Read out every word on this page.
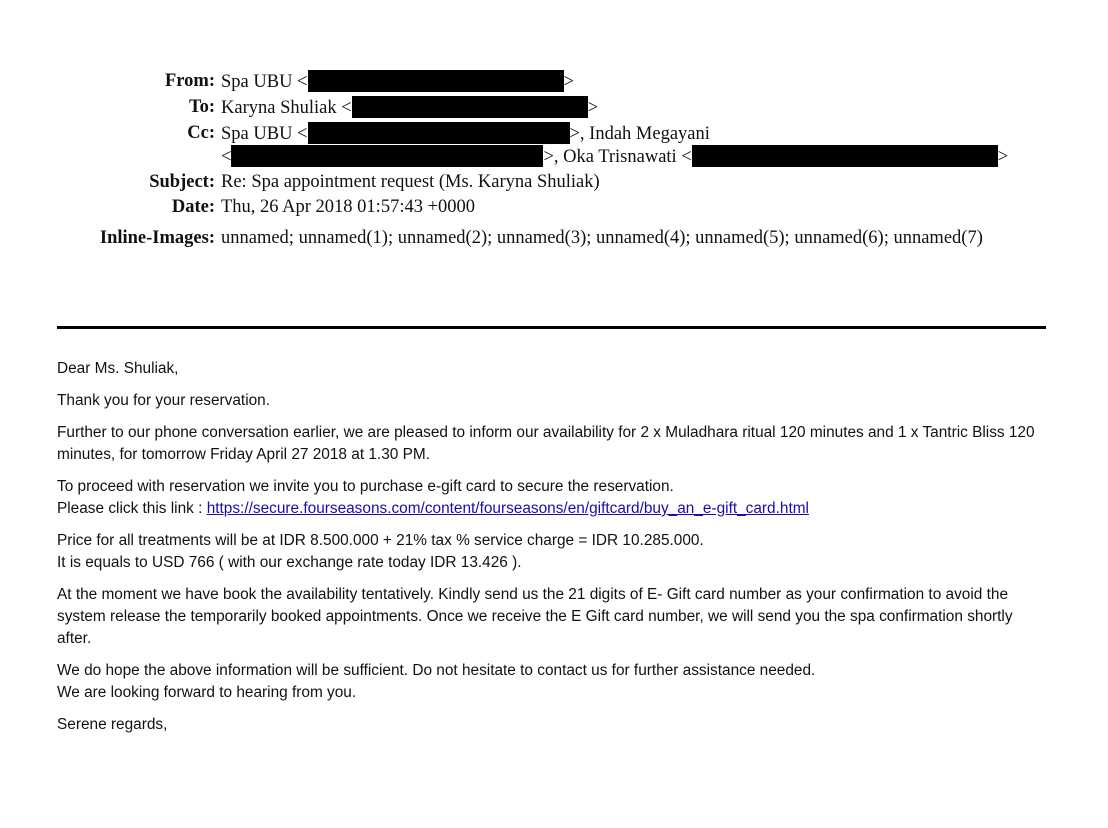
From: Spa UBU <	>
To: Karyna Shuliak <	>
Cc: Spa UBU <	>, Indah Megayani
<	>, Oka Trisnawati <	>
Subject: Re: Spa appointment request (Ms. Karyna Shuliak)
Date: Thu, 26 Apr 2018 01:57:43 +0000
Inline-Images: unnamed; unnamed(1); unnamed(2); unnamed(3); unnamed(4); unnamed(5); unnamed(6); unnamed(7)

Dear Ms. Shuliak,

Thank you for your reservation.

Further to our phone conversation earlier, we are pleased to inform our availability for 2 x Muladhara ritual 120 minutes and 1 x Tantric Bliss 120 minutes, for tomorrow Friday April 27 2018 at 1.30 PM.

To proceed with reservation we invite you to purchase e-gift card to secure the reservation.
Please click this link : https://secure.fourseasons.com/content/fourseasons/en/giftcard/buy_an_e-gift_card.html

Price for all treatments will be at IDR 8.500.000 + 21% tax % service charge = IDR 10.285.000.
It is equals to USD 766 ( with our exchange rate today IDR 13.426 ).

At the moment we have book the availability tentatively. Kindly send us the 21 digits of E- Gift card number as your confirmation to avoid the system release the temporarily booked appointments. Once we receive the E Gift card number, we will send you the spa confirmation shortly after.

We do hope the above information will be sufficient. Do not hesitate to contact us for further assistance needed.
We are looking forward to hearing from you.

Serene regards,
